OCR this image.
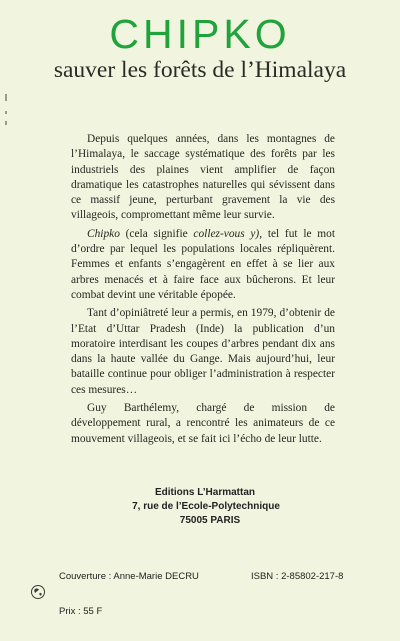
CHIPKO
sauver les forêts de l’Himalaya

Depuis quelques années, dans les montagnes de l’Himalaya, le saccage systématique des forêts par les industriels des plaines vient amplifier de façon dramatique les catastrophes naturelles qui sévissent dans ce massif jeune, perturbant gravement la vie des villageois, compromettant même leur survie.

Chipko (cela signifie collez-vous y), tel fut le mot d’ordre par lequel les populations locales répliquèrent. Femmes et enfants s’engagèrent en effet à se lier aux arbres menacés et à faire face aux bûcherons. Et leur combat devint une véritable épopée.

Tant d’opiniâtreté leur a permis, en 1979, d’obtenir de l’Etat d’Uttar Pradesh (Inde) la publication d’un moratoire interdisant les coupes d’arbres pendant dix ans dans la haute vallée du Gange. Mais aujourd’hui, leur bataille continue pour obliger l’administration à respecter ces mesures…

Guy Barthélemy, chargé de mission de développement rural, a rencontré les animateurs de ce mouvement villageois, et se fait ici l’écho de leur lutte.

Editions L’Harmattan
7, rue de l’Ecole-Polytechnique
75005 PARIS
Couverture : Anne-Marie DECRU	ISBN : 2-85802-217-8
Prix : 55 F
